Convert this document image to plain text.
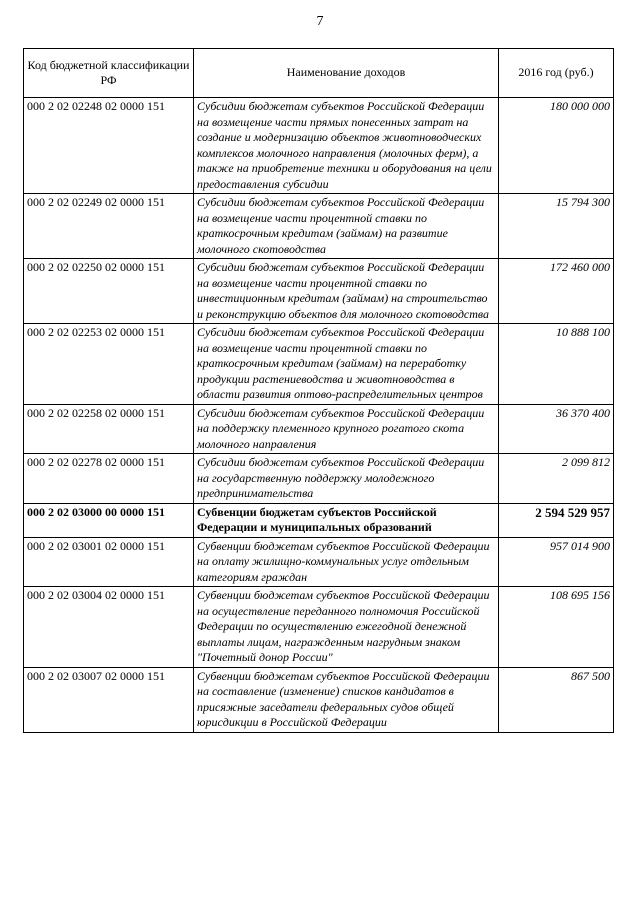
7
Код бюджетной классификации РФ	Наименование доходов	2016 год (руб.)
000 2 02 02248 02 0000 151	Субсидии бюджетам субъектов Российской Федерации на возмещение части прямых понесенных затрат на создание и модернизацию объектов животноводческих комплексов молочного направления (молочных ферм), а также на приобретение техники и оборудования на цели предоставления субсидии	180 000 000
000 2 02 02249 02 0000 151	Субсидии бюджетам субъектов Российской Федерации на возмещение части процентной ставки по краткосрочным кредитам (займам) на развитие молочного скотоводства	15 794 300
000 2 02 02250 02 0000 151	Субсидии бюджетам субъектов Российской Федерации на возмещение части процентной ставки по инвестиционным кредитам (займам) на строительство и реконструкцию объектов для молочного скотоводства	172 460 000
000 2 02 02253 02 0000 151	Субсидии бюджетам субъектов Российской Федерации на возмещение части процентной ставки по краткосрочным кредитам (займам) на переработку продукции растениеводства и животноводства в области развития оптово-распределительных центров	10 888 100
000 2 02 02258 02 0000 151	Субсидии бюджетам субъектов Российской Федерации на поддержку племенного крупного рогатого скота молочного направления	36 370 400
000 2 02 02278 02 0000 151	Субсидии бюджетам субъектов Российской Федерации на государственную поддержку молодежного предпринимательства	2 099 812
000 2 02 03000 00 0000 151	Субвенции бюджетам субъектов Российской Федерации и муниципальных образований	2 594 529 957
000 2 02 03001 02 0000 151	Субвенции бюджетам субъектов Российской Федерации на оплату жилищно-коммунальных услуг отдельным категориям граждан	957 014 900
000 2 02 03004 02 0000 151	Субвенции бюджетам субъектов Российской Федерации на осуществление переданного полномочия Российской Федерации по осуществлению ежегодной денежной выплаты лицам, награжденным нагрудным знаком "Почетный донор России"	108 695 156
000 2 02 03007 02 0000 151	Субвенции бюджетам субъектов Российской Федерации на составление (изменение) списков кандидатов в присяжные заседатели федеральных судов общей юрисдикции в Российской Федерации	867 500
